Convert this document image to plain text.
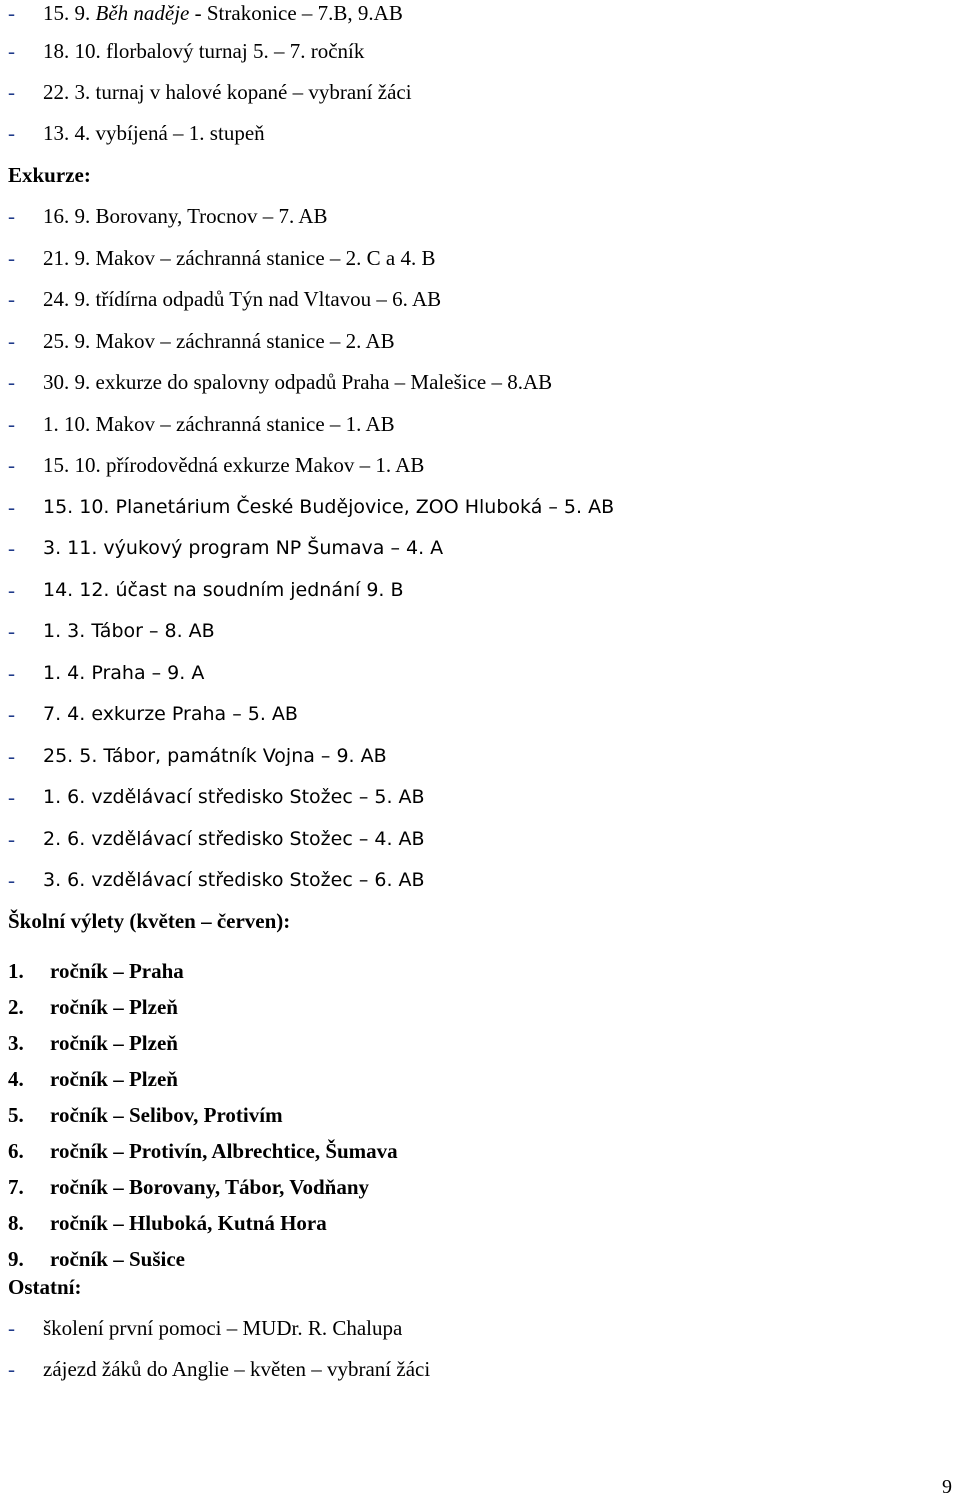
- 15. 9. Běh naděje - Strakonice – 7.B, 9.AB
- 18. 10. florbalový turnaj 5. – 7. ročník
- 22. 3. turnaj v halové kopané – vybraní žáci
- 13. 4. vybíjená – 1. stupeň
Exkurze:
- 16. 9. Borovany, Trocnov – 7. AB
- 21. 9. Makov – záchranná stanice – 2. C a 4. B
- 24. 9. třídírna odpadů Týn nad Vltavou – 6. AB
- 25. 9. Makov – záchranná stanice – 2. AB
- 30. 9. exkurze do spalovny odpadů Praha – Malešice – 8.AB
- 1. 10. Makov – záchranná stanice – 1. AB
- 15. 10. přírodovědná exkurze Makov – 1. AB
- 15. 10. Planetárium České Budějovice, ZOO Hluboká – 5. AB
- 3. 11. výukový program NP Šumava – 4. A
- 14. 12. účast na soudním jednání 9. B
- 1. 3. Tábor – 8. AB
- 1. 4. Praha – 9. A
- 7. 4. exkurze Praha – 5. AB
- 25. 5. Tábor, památník Vojna – 9. AB
- 1. 6. vzdělávací středisko Stožec – 5. AB
- 2. 6. vzdělávací středisko Stožec – 4. AB
- 3. 6. vzdělávací středisko Stožec – 6. AB
Školní výlety (květen – červen):
1. ročník – Praha
2. ročník – Plzeň
3. ročník – Plzeň
4. ročník – Plzeň
5. ročník – Selibov, Protivím
6. ročník – Protivín, Albrechtice, Šumava
7. ročník – Borovany, Tábor, Vodňany
8. ročník – Hluboká, Kutná Hora
9. ročník – Sušice
Ostatní:
- školení první pomoci – MUDr. R. Chalupa
- zájezd žáků do Anglie – květen – vybraní žáci
9
